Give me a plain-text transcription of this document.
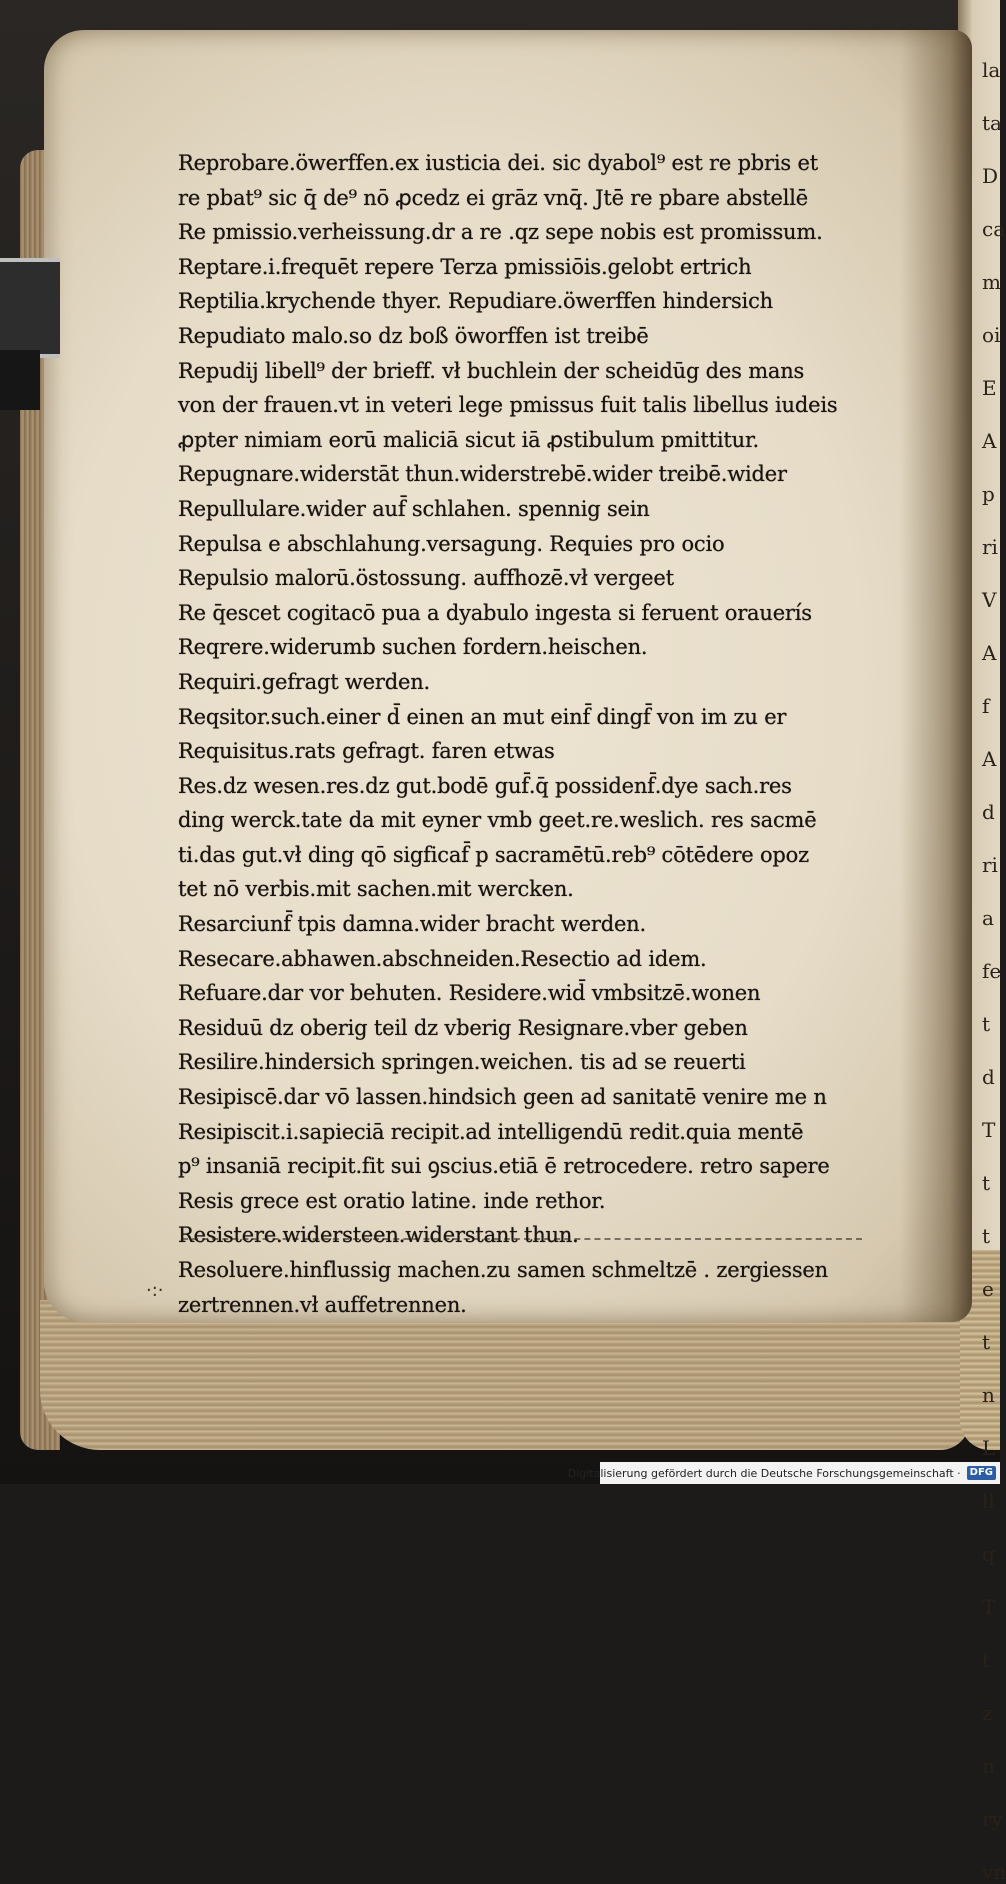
la
ta
D
ca
m
oi
E
A
p
ri
V
A
f
A
d
ri
a
fe
t
d
T
t
t
e
t
n
L
ll
q
T
t
z
n
ry
vn
Reprobare.öwerffen.ex iusticia dei. sic dyabol⁹ est re pbris et
re pbat⁹ sic q̄ de⁹ nō ꝓcedz ei grāz vnq̄. Jtē re pbare abstellē
Re pmissio.verheissung.dr a re .qz sepe nobis est promissum.
Reptare.i.frequēt repere Terza pmissiōis.gelobt ertrich
Reptilia.krychende thyer. Repudiare.öwerffen hindersich
Repudiato malo.so dz boß öworffen ist treibē
Repudij libell⁹ der brieff. vł buchlein der scheidūg des mans
von der frauen.vt in veteri lege pmissus fuit talis libellus iudeis
ꝓpter nimiam eorū maliciā sicut iā ꝓstibulum pmittitur.
Repugnare.widerstāt thun.widerstrebē.wider treibē.wider
Repullulare.wider auf̄ schlahen. spennig sein
Repulsa e abschlahung.versagung. Requies pro ocio
Repulsio malorū.östossung. auffhozē.vł vergeet
Re q̄escet cogitacō pua a dyabulo ingesta si feruent orauerís
Reqrere.widerumb suchen fordern.heischen.
Requiri.gefragt werden.
Reqsitor.such.einer d̄ einen an mut einf̄ dingf̄ von im zu er
Requisitus.rats gefragt. faren etwas
Res.dz wesen.res.dz gut.bodē guf̄.q̄ possidenf̄.dye sach.res
ding werck.tate da mit eyner vmb geet.re.weslich. res sacmē
ti.das gut.vł ding qō sigficaf̄ p sacramētū.reb⁹ cōtēdere opoz
tet nō verbis.mit sachen.mit wercken.
Resarciunf̄ tpis damna.wider bracht werden.
Resecare.abhawen.abschneiden.Resectio ad idem.
Refuare.dar vor behuten. Residere.wid̄ vmbsitzē.wonen
Residuū dz oberig teil dz vberig Resignare.vber geben
Resilire.hindersich springen.weichen. tis ad se reuerti
Resipiscē.dar vō lassen.hindsich geen ad sanitatē venire me n
Resipiscit.i.sapieciā recipit.ad intelligendū redit.quia mentē
p⁹ insaniā recipit.fit sui ꝯscius.etiā ē retrocedere. retro sapere
Resis grece est oratio latine. inde rethor.
Resistere.widersteen.widerstant thun.
Resoluere.hinflussig machen.zu samen schmeltzē . zergiessen
zertrennen.vł auffetrennen.
·:·
Digitalisierung gefördert durch die Deutsche Forschungsgemeinschaft · DFG
